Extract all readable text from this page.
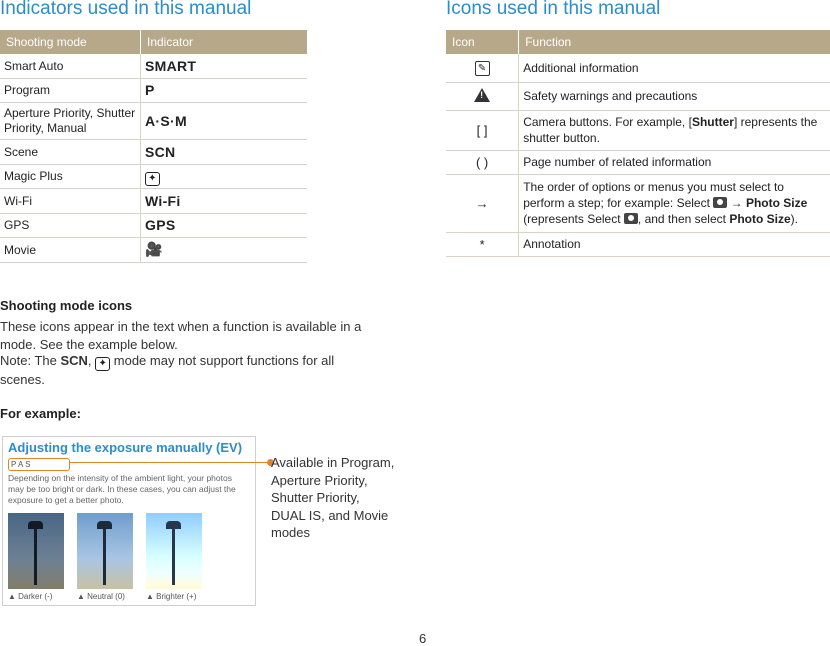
Indicators used in this manual
Shooting mode	Indicator
Smart Auto	SMART
Program	P
Aperture Priority, Shutter Priority, Manual	A·S·M
Scene	SCN
Magic Plus	✦
Wi-Fi	Wi-Fi
GPS	GPS
Movie	🎥

Shooting mode icons

These icons appear in the text when a function is available in a mode. See the example below.

Note: The SCN, ✦ mode may not support functions for all scenes.

For example:

Adjusting the exposure manually (EV)

P A S

Depending on the intensity of the ambient light, your photos may be too bright or dark. In these cases, you can adjust the exposure to get a better photo.

▲ Darker (-)	▲ Neutral (0)	▲ Brighter (+)

Available in Program, Aperture Priority, Shutter Priority, DUAL IS, and Movie modes

Icons used in this manual
Icon	Function
✎	Additional information
!	Safety warnings and precautions
[ ]	Camera buttons. For example, [Shutter] represents the shutter button.
( )	Page number of related information
→	The order of options or menus you must select to perform a step; for example: Select  → Photo Size (represents Select , and then select Photo Size).
*	Annotation
6
